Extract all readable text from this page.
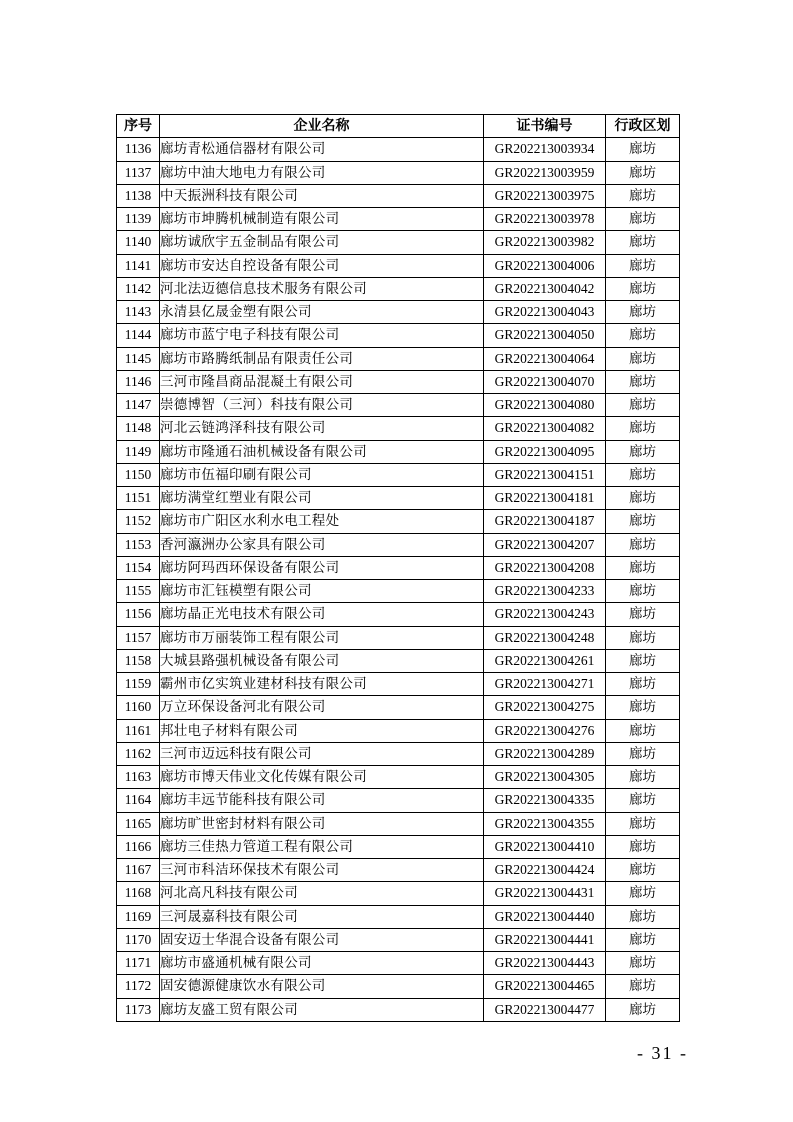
序号	企业名称	证书编号	行政区划
1136	廊坊青松通信器材有限公司	GR202213003934	廊坊
1137	廊坊中油大地电力有限公司	GR202213003959	廊坊
1138	中天振洲科技有限公司	GR202213003975	廊坊
1139	廊坊市坤腾机械制造有限公司	GR202213003978	廊坊
1140	廊坊诚欣宇五金制品有限公司	GR202213003982	廊坊
1141	廊坊市安达自控设备有限公司	GR202213004006	廊坊
1142	河北法迈德信息技术服务有限公司	GR202213004042	廊坊
1143	永清县亿晟金塑有限公司	GR202213004043	廊坊
1144	廊坊市蓝宁电子科技有限公司	GR202213004050	廊坊
1145	廊坊市路腾纸制品有限责任公司	GR202213004064	廊坊
1146	三河市隆昌商品混凝土有限公司	GR202213004070	廊坊
1147	崇德博智（三河）科技有限公司	GR202213004080	廊坊
1148	河北云链鸿泽科技有限公司	GR202213004082	廊坊
1149	廊坊市隆通石油机械设备有限公司	GR202213004095	廊坊
1150	廊坊市伍福印刷有限公司	GR202213004151	廊坊
1151	廊坊满堂红塑业有限公司	GR202213004181	廊坊
1152	廊坊市广阳区水利水电工程处	GR202213004187	廊坊
1153	香河瀛洲办公家具有限公司	GR202213004207	廊坊
1154	廊坊阿玛西环保设备有限公司	GR202213004208	廊坊
1155	廊坊市汇钰模塑有限公司	GR202213004233	廊坊
1156	廊坊晶正光电技术有限公司	GR202213004243	廊坊
1157	廊坊市万丽装饰工程有限公司	GR202213004248	廊坊
1158	大城县路强机械设备有限公司	GR202213004261	廊坊
1159	霸州市亿实筑业建材科技有限公司	GR202213004271	廊坊
1160	万立环保设备河北有限公司	GR202213004275	廊坊
1161	邦壮电子材料有限公司	GR202213004276	廊坊
1162	三河市迈远科技有限公司	GR202213004289	廊坊
1163	廊坊市博天伟业文化传媒有限公司	GR202213004305	廊坊
1164	廊坊丰远节能科技有限公司	GR202213004335	廊坊
1165	廊坊旷世密封材料有限公司	GR202213004355	廊坊
1166	廊坊三佳热力管道工程有限公司	GR202213004410	廊坊
1167	三河市科洁环保技术有限公司	GR202213004424	廊坊
1168	河北高凡科技有限公司	GR202213004431	廊坊
1169	三河晟嘉科技有限公司	GR202213004440	廊坊
1170	固安迈士华混合设备有限公司	GR202213004441	廊坊
1171	廊坊市盛通机械有限公司	GR202213004443	廊坊
1172	固安德源健康饮水有限公司	GR202213004465	廊坊
1173	廊坊友盛工贸有限公司	GR202213004477	廊坊
- 31 -
